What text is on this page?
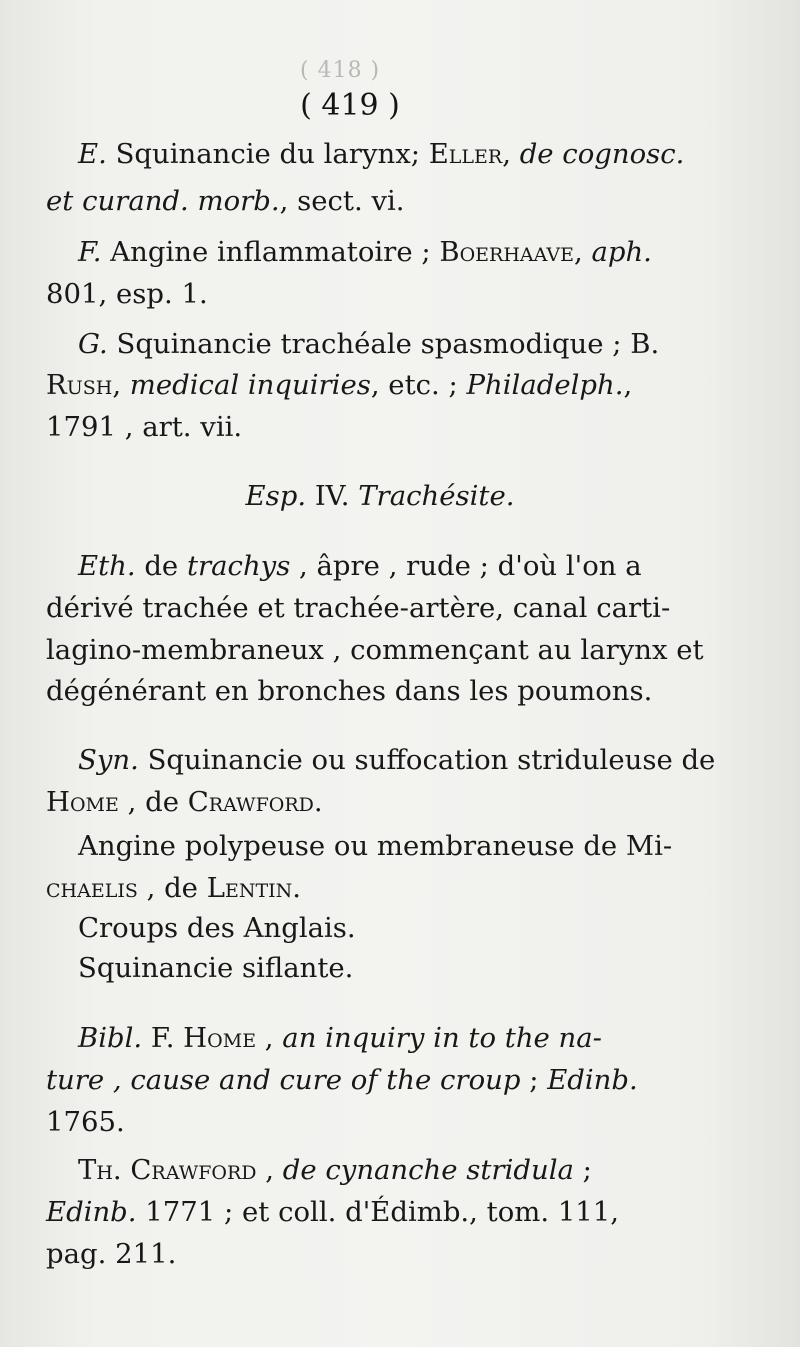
( 418 )
( 419 )
E. Squinancie du larynx; Eller, de cognosc.
et curand. morb., sect. vi.
F. Angine inflammatoire ; Boerhaave, aph.
801, esp. 1.
G. Squinancie trachéale spasmodique ; B.
Rush, medical inquiries, etc. ; Philadelph.,
1791 , art. vii.
Esp. IV. Trachésite.
Eth. de trachys , âpre , rude ; d'où l'on a
dérivé trachée et trachée-artère, canal carti-
lagino-membraneux , commençant au larynx et
dégénérant en bronches dans les poumons.
Syn. Squinancie ou suffocation striduleuse de
Home , de Crawford.
Angine polypeuse ou membraneuse de Mi-
chaelis , de Lentin.
Croups des Anglais.
Squinancie siflante.
Bibl. F. Home , an inquiry in to the na-
ture , cause and cure of the croup ; Edinb.
1765.
Th. Crawford , de cynanche stridula ;
Edinb. 1771 ; et coll. d'Édimb., tom. 111,
pag. 211.
